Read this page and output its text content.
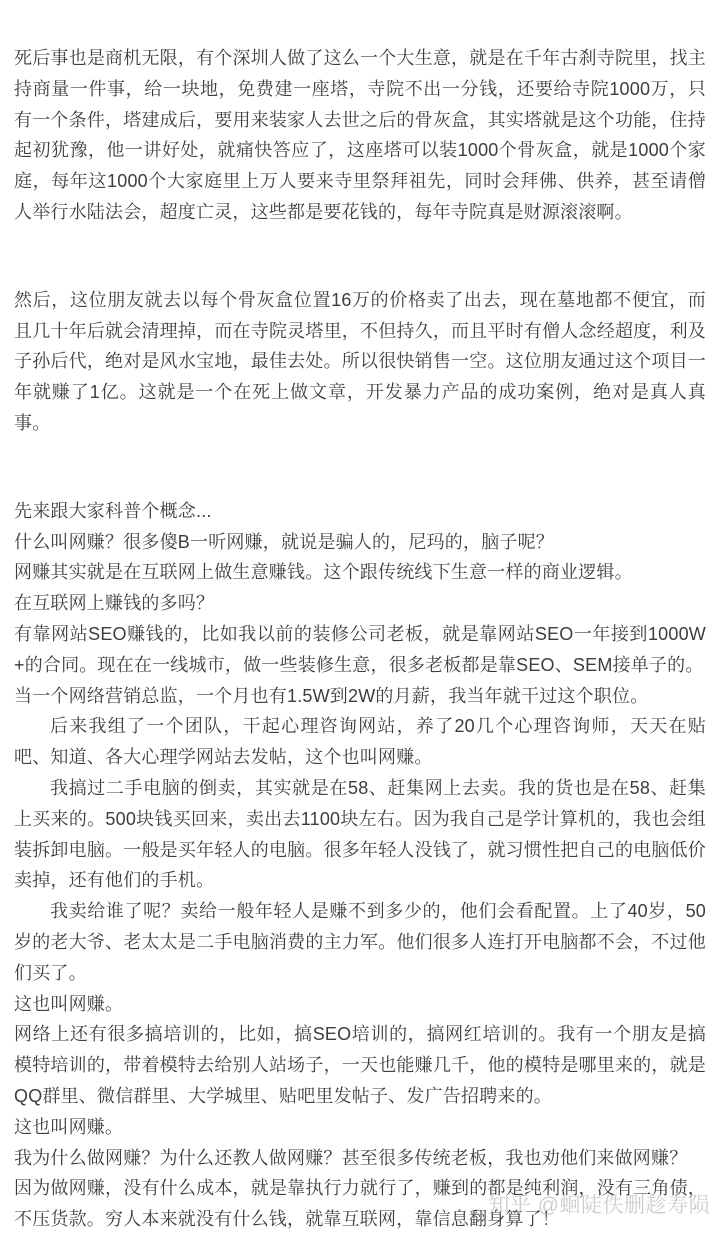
死后事也是商机无限，有个深圳人做了这么一个大生意，就是在千年古刹寺院里，找主持商量一件事，给一块地，免费建一座塔，寺院不出一分钱，还要给寺院1000万，只有一个条件，塔建成后，要用来装家人去世之后的骨灰盒，其实塔就是这个功能，住持起初犹豫，他一讲好处，就痛快答应了，这座塔可以装1000个骨灰盒，就是1000个家庭，每年这1000个大家庭里上万人要来寺里祭拜祖先，同时会拜佛、供养，甚至请僧人举行水陆法会，超度亡灵，这些都是要花钱的，每年寺院真是财源滚滚啊。

然后，这位朋友就去以每个骨灰盒位置16万的价格卖了出去，现在墓地都不便宜，而且几十年后就会清理掉，而在寺院灵塔里，不但持久，而且平时有僧人念经超度，利及子孙后代，绝对是风水宝地，最佳去处。所以很快销售一空。这位朋友通过这个项目一年就赚了1亿。这就是一个在死上做文章，开发暴力产品的成功案例，绝对是真人真事。

先来跟大家科普个概念...

什么叫网赚？很多傻B一听网赚，就说是骗人的，尼玛的，脑子呢？

网赚其实就是在互联网上做生意赚钱。这个跟传统线下生意一样的商业逻辑。

在互联网上赚钱的多吗？

有靠网站SEO赚钱的，比如我以前的装修公司老板，就是靠网站SEO一年接到1000W+的合同。现在在一线城市，做一些装修生意，很多老板都是靠SEO、SEM接单子的。

当一个网络营销总监，一个月也有1.5W到2W的月薪，我当年就干过这个职位。

后来我组了一个团队，干起心理咨询网站，养了20几个心理咨询师，天天在贴吧、知道、各大心理学网站去发帖，这个也叫网赚。

我搞过二手电脑的倒卖，其实就是在58、赶集网上去卖。我的货也是在58、赶集上买来的。500块钱买回来，卖出去1100块左右。因为我自己是学计算机的，我也会组装拆卸电脑。一般是买年轻人的电脑。很多年轻人没钱了，就习惯性把自己的电脑低价卖掉，还有他们的手机。

我卖给谁了呢？卖给一般年轻人是赚不到多少的，他们会看配置。上了40岁，50岁的老大爷、老太太是二手电脑消费的主力军。他们很多人连打开电脑都不会，不过他们买了。

这也叫网赚。

网络上还有很多搞培训的，比如，搞SEO培训的，搞网红培训的。我有一个朋友是搞模特培训的，带着模特去给别人站场子，一天也能赚几千，他的模特是哪里来的，就是QQ群里、微信群里、大学城里、贴吧里发帖子、发广告招聘来的。

这也叫网赚。

我为什么做网赚？为什么还教人做网赚？甚至很多传统老板，我也劝他们来做网赚？

因为做网赚，没有什么成本，就是靠执行力就行了，赚到的都是纯利润，没有三角债，不压货款。穷人本来就没有什么钱，就靠互联网，靠信息翻身算了！

知乎 @蛔陡佚删趁寿陨
